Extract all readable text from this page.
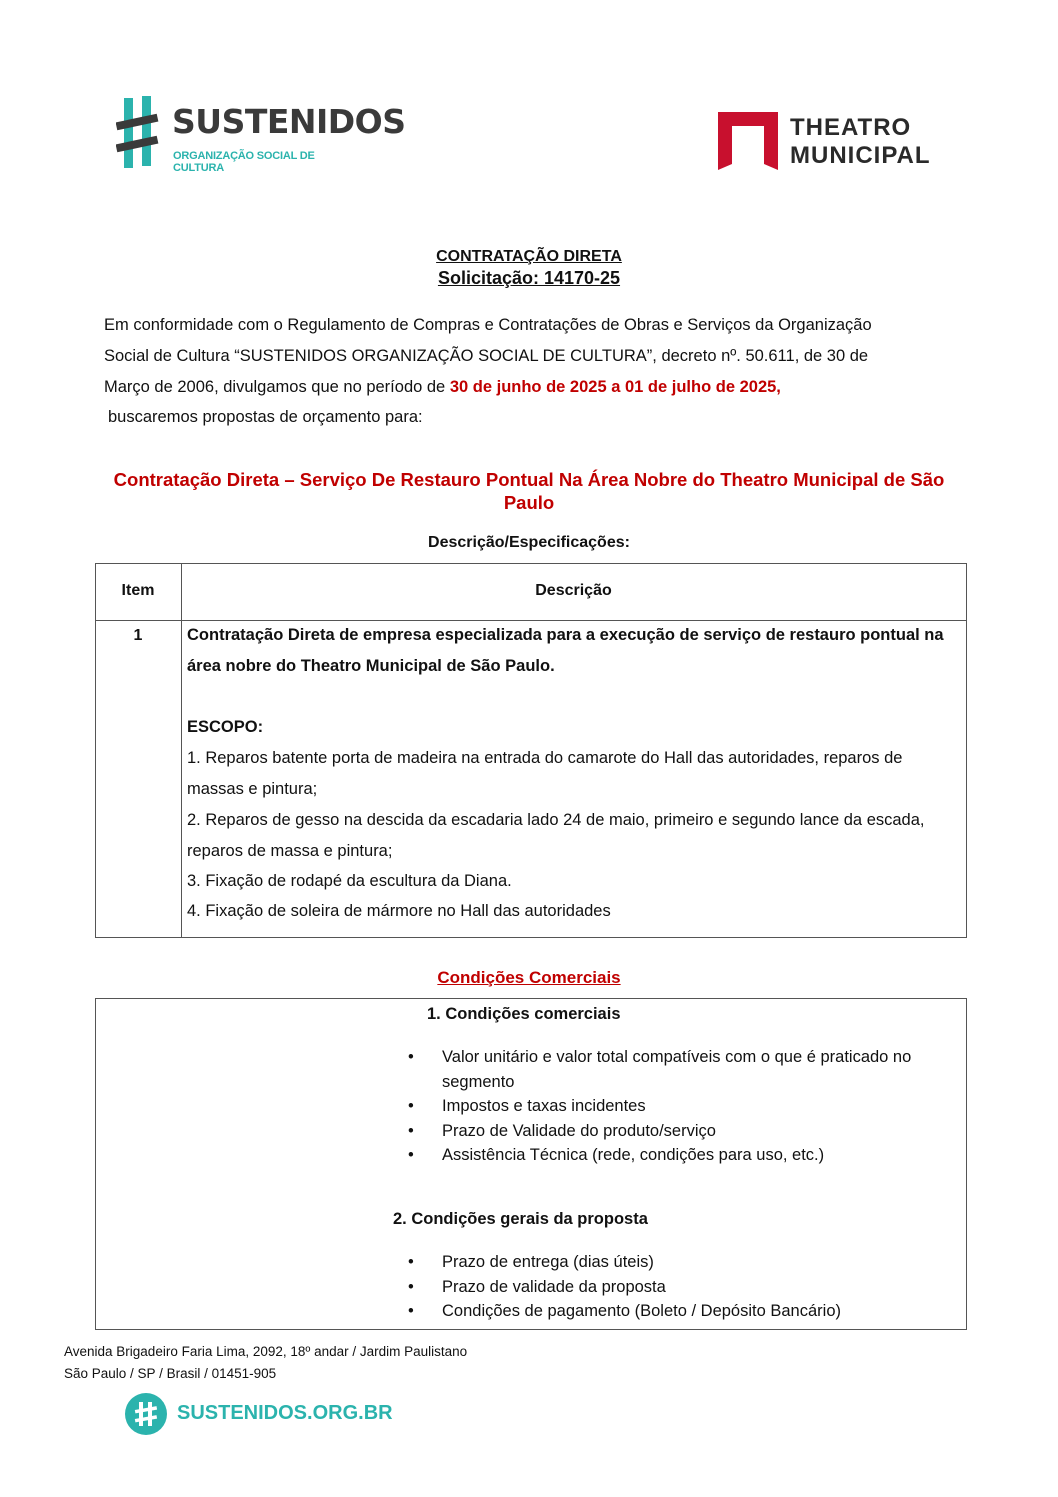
SUSTENIDOS
ORGANIZAÇÃO SOCIAL DE CULTURA
THEATRO
MUNICIPAL
CONTRATAÇÃO DIRETA
Solicitação: 14170-25
Em conformidade com o Regulamento de Compras e Contratações de Obras e Serviços da Organização
Social de Cultura “SUSTENIDOS ORGANIZAÇÃO SOCIAL DE CULTURA”, decreto nº. 50.611, de 30 de
Março de 2006, divulgamos que no período de 30 de junho de 2025 a 01 de julho de 2025,
buscaremos propostas de orçamento para:
Contratação Direta – Serviço De Restauro Pontual Na Área Nobre do Theatro Municipal de São Paulo
Descrição/Especificações:
Item	Descrição
1	Contratação Direta de empresa especializada para a execução de serviço de restauro pontual na área nobre do Theatro Municipal de São Paulo.
ESCOPO:
1. Reparos batente porta de madeira na entrada do camarote do Hall das autoridades, reparos de massas e pintura;
2. Reparos de gesso na descida da escadaria lado 24 de maio, primeiro e segundo lance da escada, reparos de massa e pintura;
3. Fixação de rodapé da escultura da Diana.
4. Fixação de soleira de mármore no Hall das autoridades
Condições Comerciais
1. Condições comerciais
• Valor unitário e valor total compatíveis com o que é praticado no segmento
• Impostos e taxas incidentes
• Prazo de Validade do produto/serviço
• Assistência Técnica (rede, condições para uso, etc.)
2. Condições gerais da proposta
• Prazo de entrega (dias úteis)
• Prazo de validade da proposta
• Condições de pagamento (Boleto / Depósito Bancário)
Avenida Brigadeiro Faria Lima, 2092, 18º andar / Jardim Paulistano
São Paulo / SP / Brasil / 01451-905
SUSTENIDOS.ORG.BR
